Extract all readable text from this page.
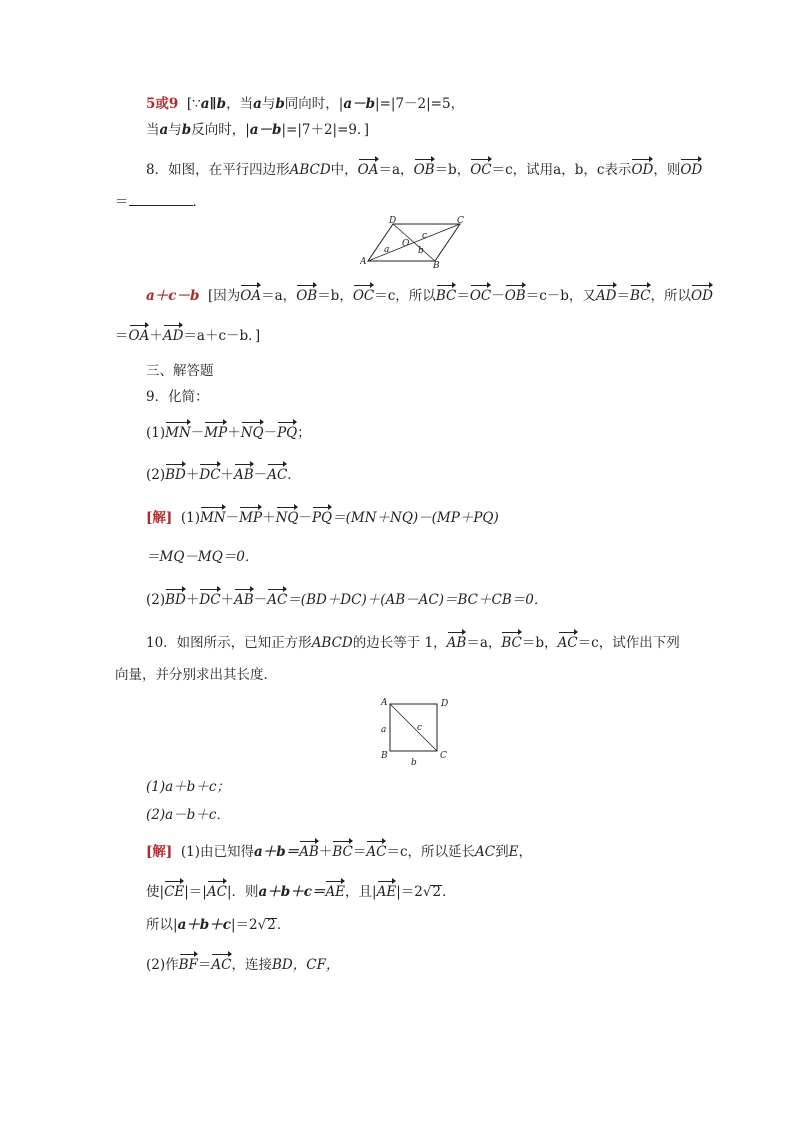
5或9 [∵a∥b，当a与b同向时，|a－b|=|7－2|=5，
当a与b反向时，|a－b|=|7＋2|=9．]
8．如图，在平行四边形ABCD中，OA＝a，OB＝b，OC＝c，试用a，b，c表示OD，则OD
＝	．
D	C
A	B
O
a	b
c
a＋c－b [因为OA＝a，OB＝b，OC＝c，所以BC＝OC－OB＝c－b，又AD＝BC，所以OD
＝OA＋AD＝a＋c－b．]
三、解答题
9．化简：
(1)MN－MP＋NQ－PQ；
(2)BD＋DC＋AB－AC．
[解] (1)MN－MP＋NQ－PQ＝(MN＋NQ)－(MP＋PQ)
＝MQ－MQ＝0．
(2)BD＋DC＋AB－AC＝(BD＋DC)＋(AB－AC)＝BC＋CB＝0．
10．如图所示，已知正方形ABCD的边长等于 1，AB＝a，BC＝b，AC＝c，试作出下列
向量，并分别求出其长度．
A	D
B	C
a
b
c
(1)a＋b＋c；
(2)a－b＋c．
[解] (1)由已知得a＋b＝AB＋BC＝AC＝c，所以延长AC到E，
使|CE|＝|AC|．则a＋b＋c＝AE，且|AE|＝2√2．
所以|a＋b＋c|＝2√2．
(2)作BF＝AC，连接BD，CF，
